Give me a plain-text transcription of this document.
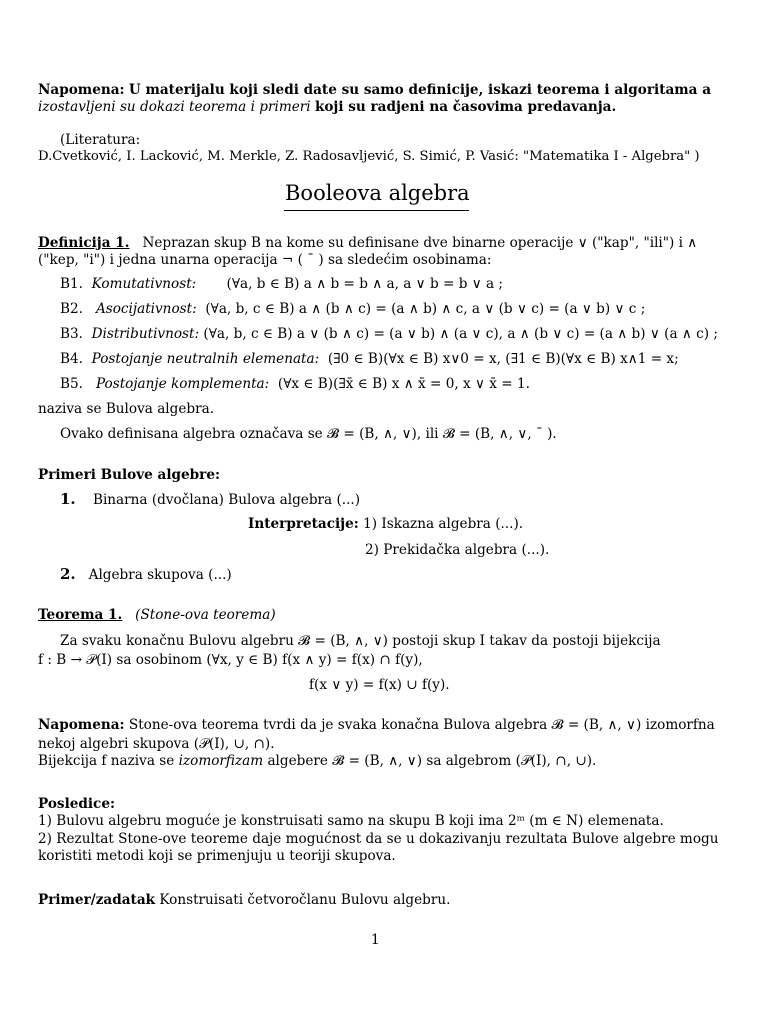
Napomena: U materijalu koji sledi date su samo definicije, iskazi teorema i algoritama a
izostavljeni su dokazi teorema i primeri koji su radjeni na časovima predavanja.
(Literatura:
D.Cvetković, I. Lacković, M. Merkle, Z. Radosavljević, S. Simić, P. Vasić: "Matematika I - Algebra" )
Booleova algebra
Definicija 1. Neprazan skup B na kome su definisane dve binarne operacije ∨ ("kap", "ili") i ∧
("kep, "i") i jedna unarna operacija ¬ ( ¯ ) sa sledećim osobinama:
B1. Komutativnost: (∀a, b ∈ B) a ∧ b = b ∧ a, a ∨ b = b ∨ a ;
B2. Asocijativnost: (∀a, b, c ∈ B) a ∧ (b ∧ c) = (a ∧ b) ∧ c, a ∨ (b ∨ c) = (a ∨ b) ∨ c ;
B3. Distributivnost: (∀a, b, c ∈ B) a ∨ (b ∧ c) = (a ∨ b) ∧ (a ∨ c), a ∧ (b ∨ c) = (a ∧ b) ∨ (a ∧ c) ;
B4. Postojanje neutralnih elemenata: (∃0 ∈ B)(∀x ∈ B) x∨0 = x, (∃1 ∈ B)(∀x ∈ B) x∧1 = x;
B5. Postojanje komplementa: (∀x ∈ B)(∃x̄ ∈ B) x ∧ x̄ = 0, x ∨ x̄ = 1.
naziva se Bulova algebra.
Ovako definisana algebra označava se 𝓑 = (B, ∧, ∨), ili 𝓑 = (B, ∧, ∨, ¯ ).
Primeri Bulove algebre:
1. Binarna (dvočlana) Bulova algebra (...)
Interpretacije: 1) Iskazna algebra (...).
2) Prekidačka algebra (...).
2. Algebra skupova (...)
Teorema 1. (Stone-ova teorema)
Za svaku konačnu Bulovu algebru 𝓑 = (B, ∧, ∨) postoji skup I takav da postoji bijekcija
f : B → 𝒫(I) sa osobinom (∀x, y ∈ B) f(x ∧ y) = f(x) ∩ f(y),
f(x ∨ y) = f(x) ∪ f(y).
Napomena: Stone-ova teorema tvrdi da je svaka konačna Bulova algebra 𝓑 = (B, ∧, ∨) izomorfna
nekoj algebri skupova (𝒫(I), ∪, ∩).
Bijekcija f naziva se izomorfizam algebere 𝓑 = (B, ∧, ∨) sa algebrom (𝒫(I), ∩, ∪).
Posledice:
1) Bulovu algebru moguće je konstruisati samo na skupu B koji ima 2ᵐ (m ∈ N) elemenata.
2) Rezultat Stone-ove teoreme daje mogućnost da se u dokazivanju rezultata Bulove algebre mogu
koristiti metodi koji se primenjuju u teoriji skupova.
Primer/zadatak Konstruisati četvoročlanu Bulovu algebru.
1
